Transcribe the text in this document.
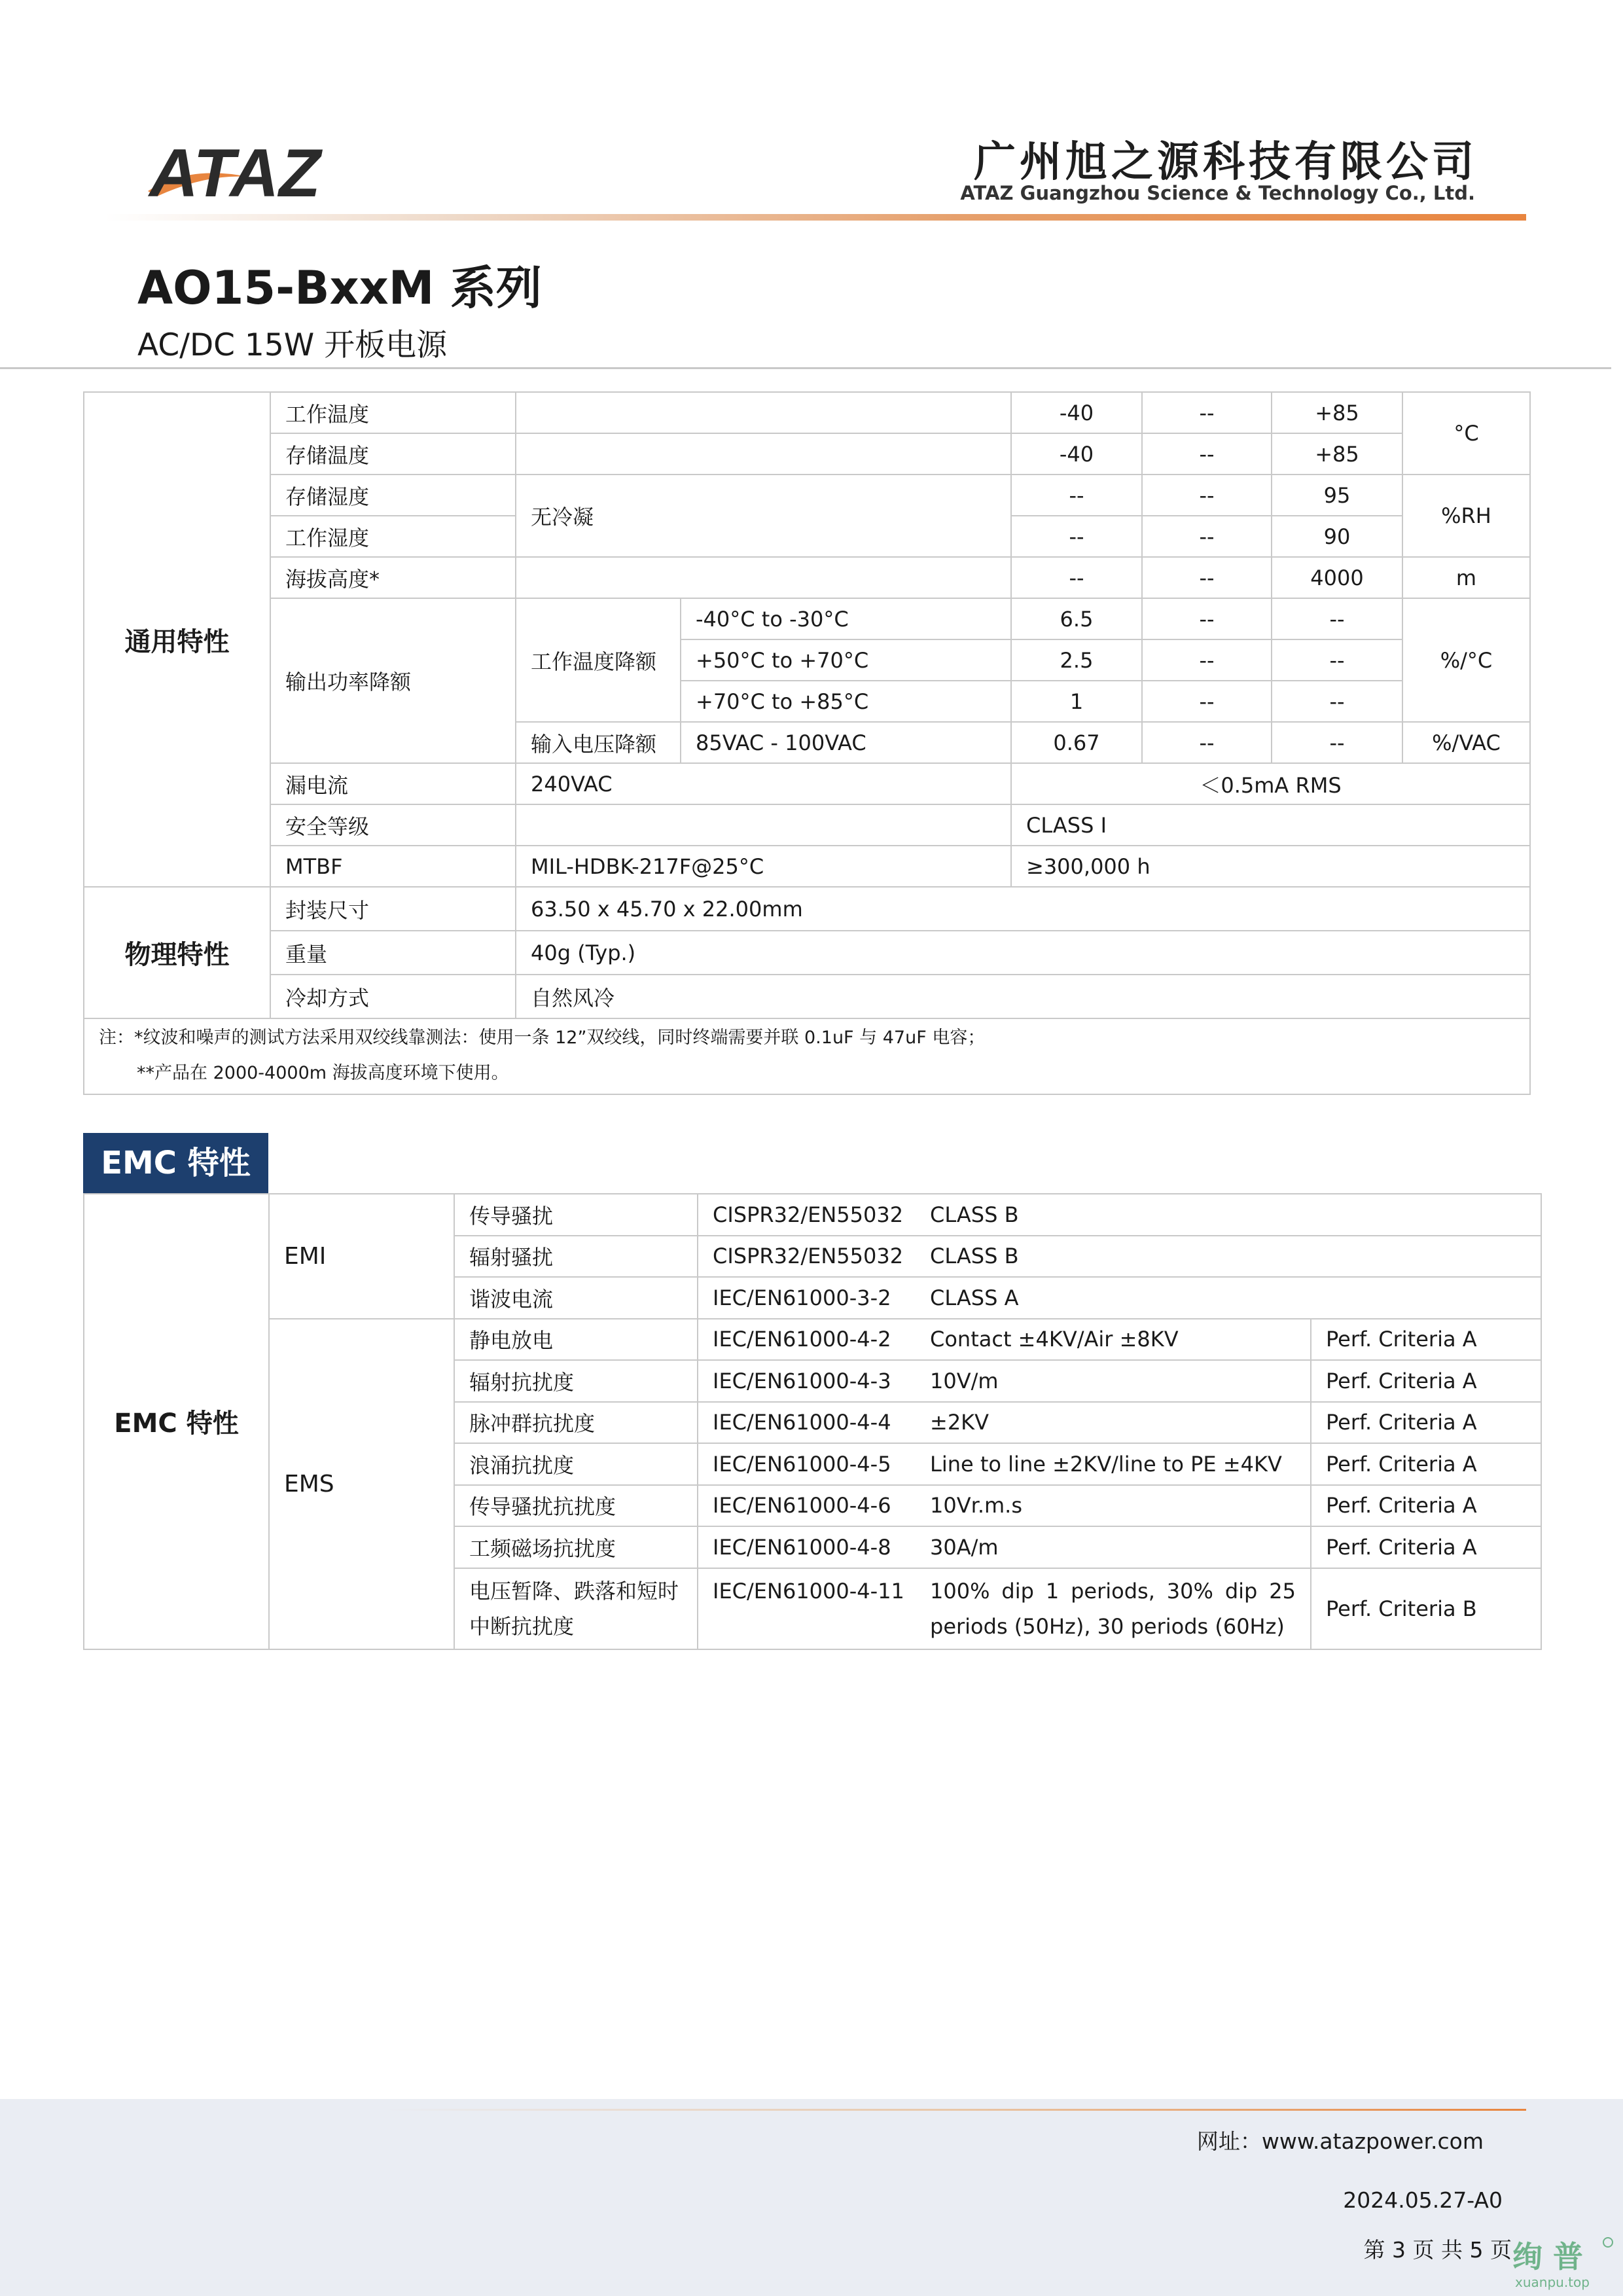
ATAZ	广州旭之源科技有限公司
ATAZ Guangzhou Science & Technology Co., Ltd.
AO15-BxxM 系列
AC/DC 15W 开板电源
通用特性	工作温度			-40	--	+85	°C
	存储温度			-40	--	+85	
	存储湿度	无冷凝		--	--	95	%RH
	工作湿度			--	--	90	
	海拔高度*			--	--	4000	m
	输出功率降额	工作温度降额	-40°C to -30°C	6.5	--	--	%/°C
			+50°C to +70°C	2.5	--	--	
			+70°C to +85°C	1	--	--	
		输入电压降额	85VAC - 100VAC	0.67	--	--	%/VAC
	漏电流	240VAC		＜0.5mA RMS			
	安全等级			CLASS I			
	MTBF	MIL-HDBK-217F@25°C		≥300,000 h			
物理特性	封装尺寸	63.50 x 45.70 x 22.00mm					
	重量	40g (Typ.)					
	冷却方式	自然风冷					

注：*纹波和噪声的测试方法采用双绞线靠测法：使用一条 12”双绞线，同时终端需要并联 0.1uF 与 47uF 电容；
**产品在 2000-4000m 海拔高度环境下使用。							
EMC 特性
EMC 特性	EMI	传导骚扰	CISPR32/EN55032 CLASS B	
		辐射骚扰	CISPR32/EN55032 CLASS B	
		谐波电流	IEC/EN61000-3-2 CLASS A	
	EMS	静电放电	IEC/EN61000-4-2 Contact ±4KV/Air ±8KV	Perf. Criteria A
		辐射抗扰度	IEC/EN61000-4-3 10V/m	Perf. Criteria A
		脉冲群抗扰度	IEC/EN61000-4-4 ±2KV	Perf. Criteria A
		浪涌抗扰度	IEC/EN61000-4-5 Line to line ±2KV/line to PE ±4KV	Perf. Criteria A
		传导骚扰抗扰度	IEC/EN61000-4-6 10Vr.m.s	Perf. Criteria A
		工频磁场抗扰度	IEC/EN61000-4-8 30A/m	Perf. Criteria A
		电压暂降、跌落和短时中断抗扰度	IEC/EN61000-4-11 100% dip 1 periods, 30% dip 25 periods (50Hz), 30 periods (60Hz)	Perf. Criteria B
网址：www.atazpower.com
2024.05.27-A0
第 3 页 共 5 页 绚 普
xuanpu.top
